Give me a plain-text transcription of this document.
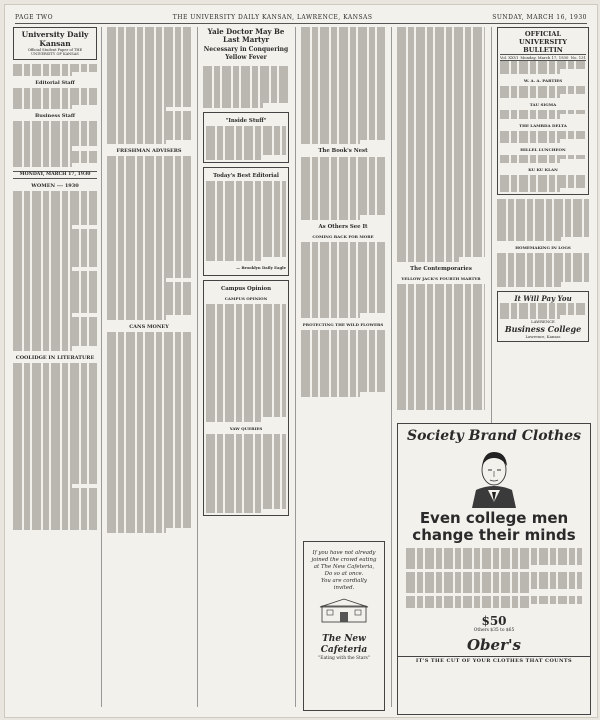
PAGE TWO	THE UNIVERSITY DAILY KANSAN, LAWRENCE, KANSAS	SUNDAY, MARCH 16, 1930
University Daily Kansan
Official Student Paper of THE UNIVERSITY OF KANSAS
Editorial Staff
Business Staff
MONDAY, MARCH 17, 1930
WOMEN --- 1930
COOLIDGE IN LITERATURE
FRESHMAN ADVISERS
CANS MONEY
Yale Doctor May Be Last Martyr
Necessary in Conquering Yellow Fever
"Inside Stuff"
Today's Best Editorial
— Brooklyn Daily Eagle
Campus Opinion
CAMPUS OPINION
YAW QUERIES
The Book's Nest
As Others See It
COMING BACK FOR MORE
PROTECTING THE WILD FLOWERS
If you have not already
joined the crowd eating
at The New Cafeteria,
Do so at once.
You are cordially
invited.
The New Cafeteria
"Eating with the Stars"
The Contemporaries
YELLOW JACK'S FOURTH MARTYR
OFFICIAL UNIVERSITY BULLETIN
Vol. XXVI Monday, March 17, 1930 No. 131
W. A. A. PARTIES
TAU SIGMA
THE LAMBDA DELTA
HILLEL LUNCHEON
KU KU KLAN
HOMEMAKING IN LOGS
It Will Pay You
LAWRENCE
Business College
Lawrence, Kansas
Society Brand Clothes
Even college men
change their minds
$50
Others $35 to $65
Ober's
IT'S THE CUT OF YOUR CLOTHES THAT COUNTS
